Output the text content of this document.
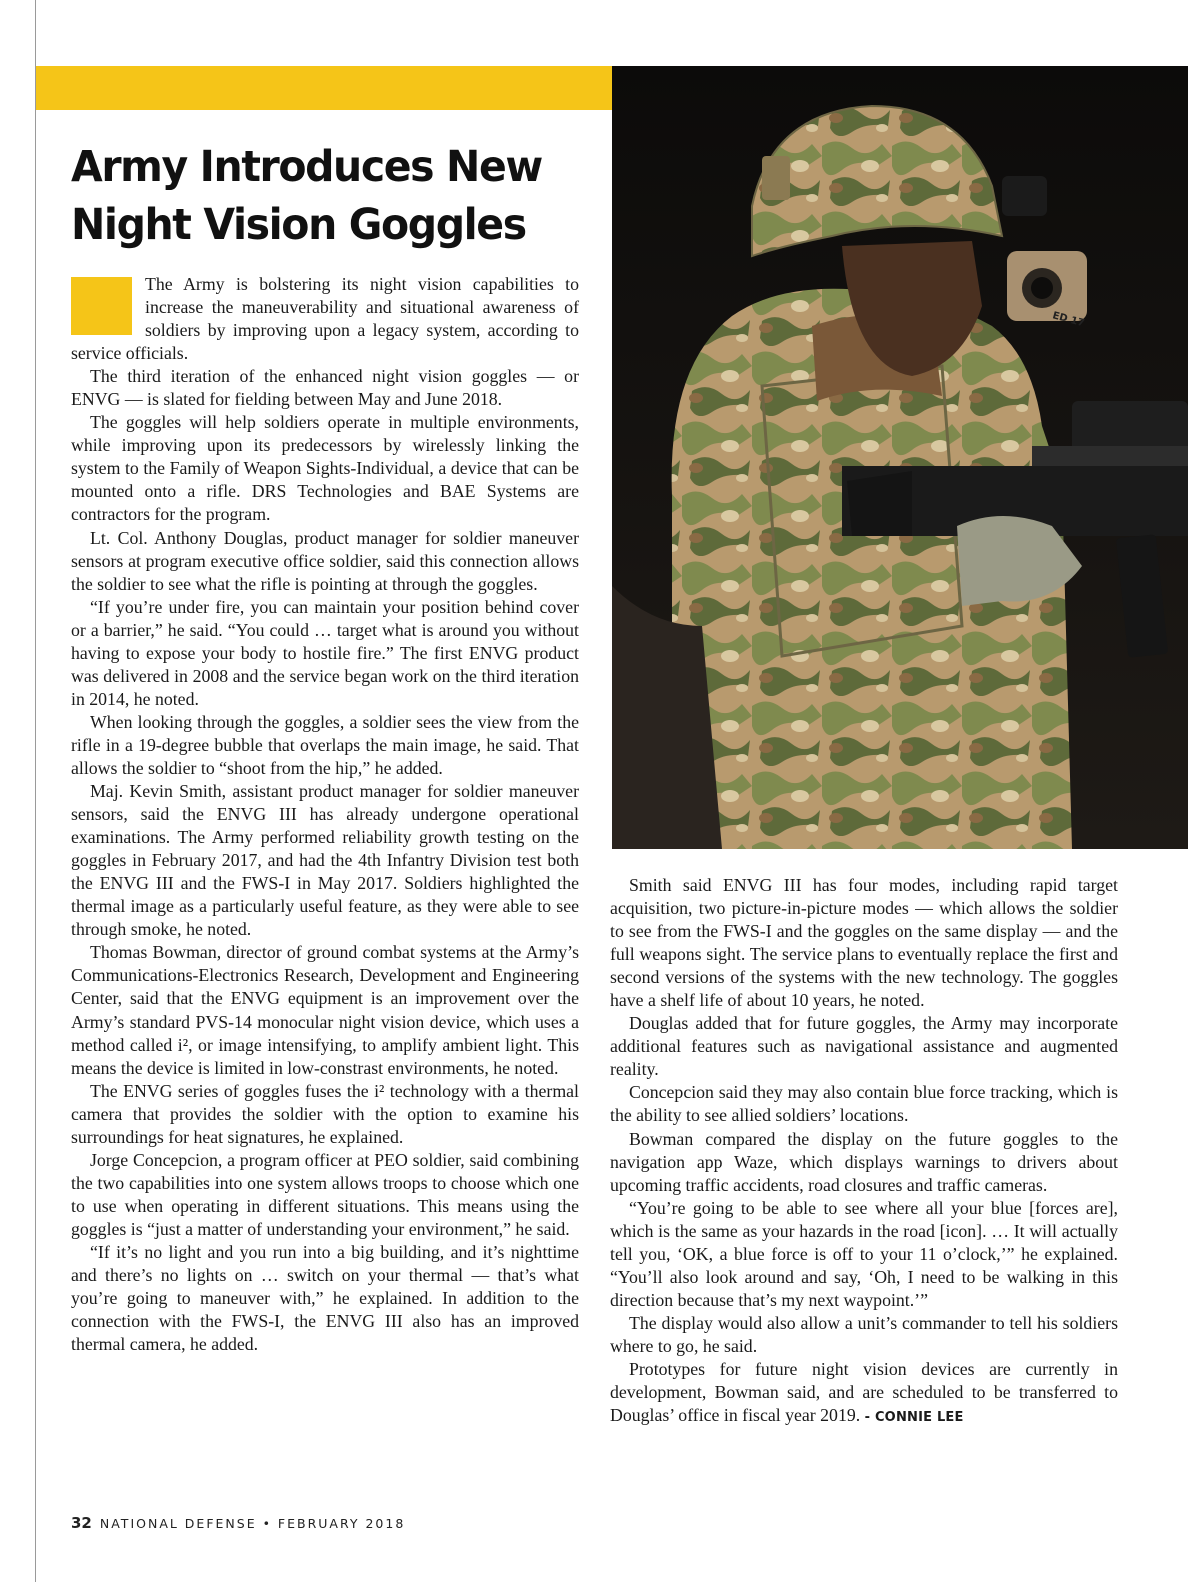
Army Introduces New
Night Vision Goggles
ED 17

The Army is bolstering its night vision capabilities to increase the maneuverability and situational awareness of soldiers by improving upon a legacy system, according to service officials.

The third iteration of the enhanced night vision goggles — or ENVG — is slated for fielding between May and June 2018.

The goggles will help soldiers operate in multiple environments, while improving upon its predecessors by wirelessly linking the system to the Family of Weapon Sights-Individual, a device that can be mounted onto a rifle. DRS Technologies and BAE Systems are contractors for the program.

Lt. Col. Anthony Douglas, product manager for soldier maneuver sensors at program executive office soldier, said this connection allows the soldier to see what the rifle is pointing at through the goggles.

“If you’re under fire, you can maintain your position behind cover or a barrier,” he said. “You could … target what is around you without having to expose your body to hostile fire.” The first ENVG product was delivered in 2008 and the service began work on the third iteration in 2014, he noted.

When looking through the goggles, a soldier sees the view from the rifle in a 19-degree bubble that overlaps the main image, he said. That allows the soldier to “shoot from the hip,” he added.

Maj. Kevin Smith, assistant product manager for soldier maneuver sensors, said the ENVG III has already undergone operational examinations. The Army performed reliability growth testing on the goggles in February 2017, and had the 4th Infantry Division test both the ENVG III and the FWS-I in May 2017. Soldiers highlighted the thermal image as a particularly useful feature, as they were able to see through smoke, he noted.

Thomas Bowman, director of ground combat systems at the Army’s Communications-Electronics Research, Development and Engineering Center, said that the ENVG equipment is an improvement over the Army’s standard PVS-14 monocular night vision device, which uses a method called i², or image intensifying, to amplify ambient light. This means the device is limited in low-constrast environments, he noted.

The ENVG series of goggles fuses the i² technology with a thermal camera that provides the soldier with the option to examine his surroundings for heat signatures, he explained.

Jorge Concepcion, a program officer at PEO soldier, said combining the two capabilities into one system allows troops to choose which one to use when operating in different situations. This means using the goggles is “just a matter of understanding your environment,” he said.

“If it’s no light and you run into a big building, and it’s nighttime and there’s no lights on … switch on your thermal — that’s what you’re going to maneuver with,” he explained. In addition to the connection with the FWS-I, the ENVG III also has an improved thermal camera, he added.

Smith said ENVG III has four modes, including rapid target acquisition, two picture-in-picture modes — which allows the soldier to see from the FWS-I and the goggles on the same display — and the full weapons sight. The service plans to eventually replace the first and second versions of the systems with the new technology. The goggles have a shelf life of about 10 years, he noted.

Douglas added that for future goggles, the Army may incorporate additional features such as navigational assistance and augmented reality.

Concepcion said they may also contain blue force tracking, which is the ability to see allied soldiers’ locations.

Bowman compared the display on the future goggles to the navigation app Waze, which displays warnings to drivers about upcoming traffic accidents, road closures and traffic cameras.

“You’re going to be able to see where all your blue [forces are], which is the same as your hazards in the road [icon]. … It will actually tell you, ‘OK, a blue force is off to your 11 o’clock,’” he explained. “You’ll also look around and say, ‘Oh, I need to be walking in this direction because that’s my next waypoint.’”

The display would also allow a unit’s commander to tell his soldiers where to go, he said.

Prototypes for future night vision devices are currently in development, Bowman said, and are scheduled to be transferred to Douglas’ office in fiscal year 2019. - CONNIE LEE

32 NATIONAL DEFENSE • FEBRUARY 2018
